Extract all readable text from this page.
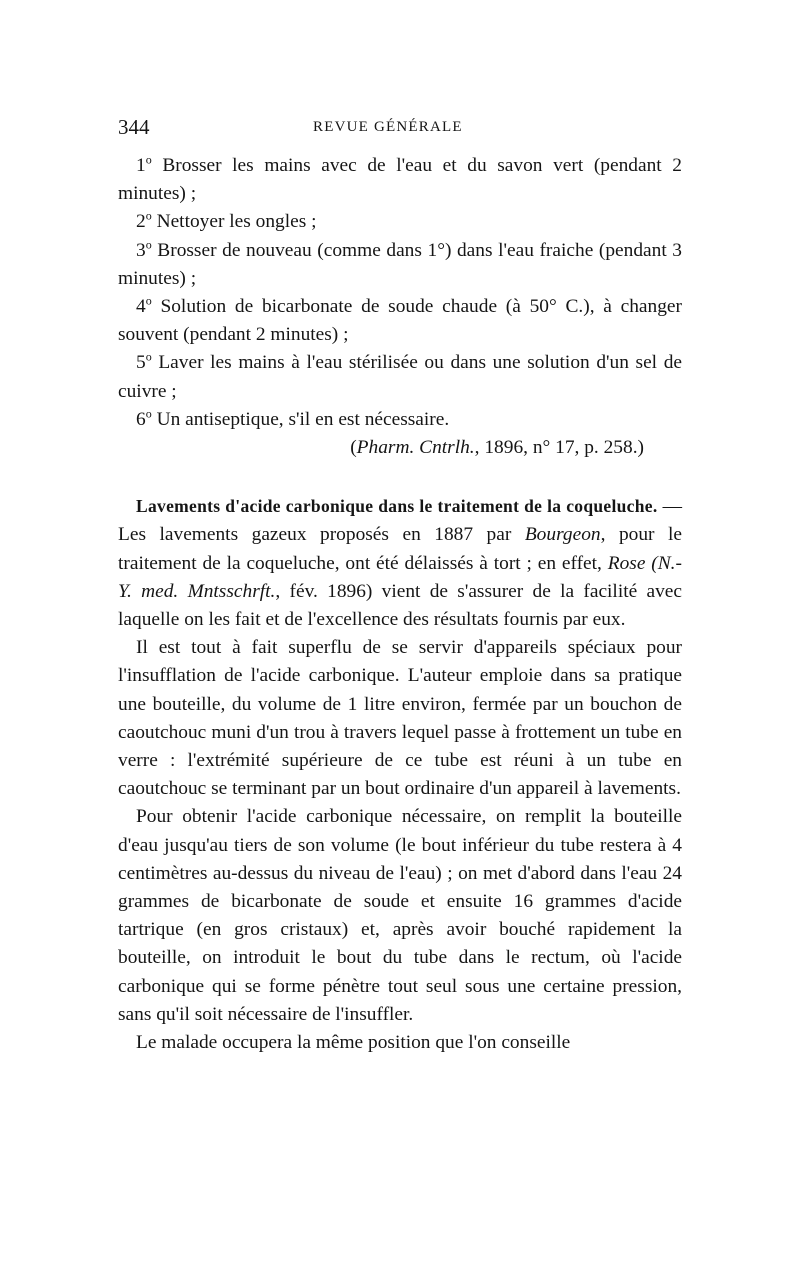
344	REVUE GÉNÉRALE

1$^o$ Brosser les mains avec de l'eau et du savon vert (pendant 2 minutes) ;

2$^o$ Nettoyer les ongles ;

3$^o$ Brosser de nouveau (comme dans 1°) dans l'eau fraiche (pendant 3 minutes) ;

4$^o$ Solution de bicarbonate de soude chaude (à 50° C.), à changer souvent (pendant 2 minutes) ;

5$^o$ Laver les mains à l'eau stérilisée ou dans une solution d'un sel de cuivre ;

6$^o$ Un antiseptique, s'il en est nécessaire.

(Pharm. Cntrlh., 1896, n° 17, p. 258.)

Lavements d'acide carbonique dans le traitement de la coqueluche. — Les lavements gazeux proposés en 1887 par Bourgeon, pour le traitement de la coqueluche, ont été délaissés à tort ; en effet, Rose (N.-Y. med. Mntsschrft., fév. 1896) vient de s'assurer de la facilité avec laquelle on les fait et de l'excellence des résultats fournis par eux.

Il est tout à fait superflu de se servir d'appareils spéciaux pour l'insufflation de l'acide carbonique. L'auteur emploie dans sa pratique une bouteille, du volume de 1 litre environ, fermée par un bouchon de caoutchouc muni d'un trou à travers lequel passe à frottement un tube en verre : l'extrémité supérieure de ce tube est réuni à un tube en caoutchouc se terminant par un bout ordinaire d'un appareil à lavements.

Pour obtenir l'acide carbonique nécessaire, on remplit la bouteille d'eau jusqu'au tiers de son volume (le bout inférieur du tube restera à 4 centimètres au-dessus du niveau de l'eau) ; on met d'abord dans l'eau 24 grammes de bicarbonate de soude et ensuite 16 grammes d'acide tartrique (en gros cristaux) et, après avoir bouché rapidement la bouteille, on introduit le bout du tube dans le rectum, où l'acide carbonique qui se forme pénètre tout seul sous une certaine pression, sans qu'il soit nécessaire de l'insuffler.

Le malade occupera la même position que l'on conseille
